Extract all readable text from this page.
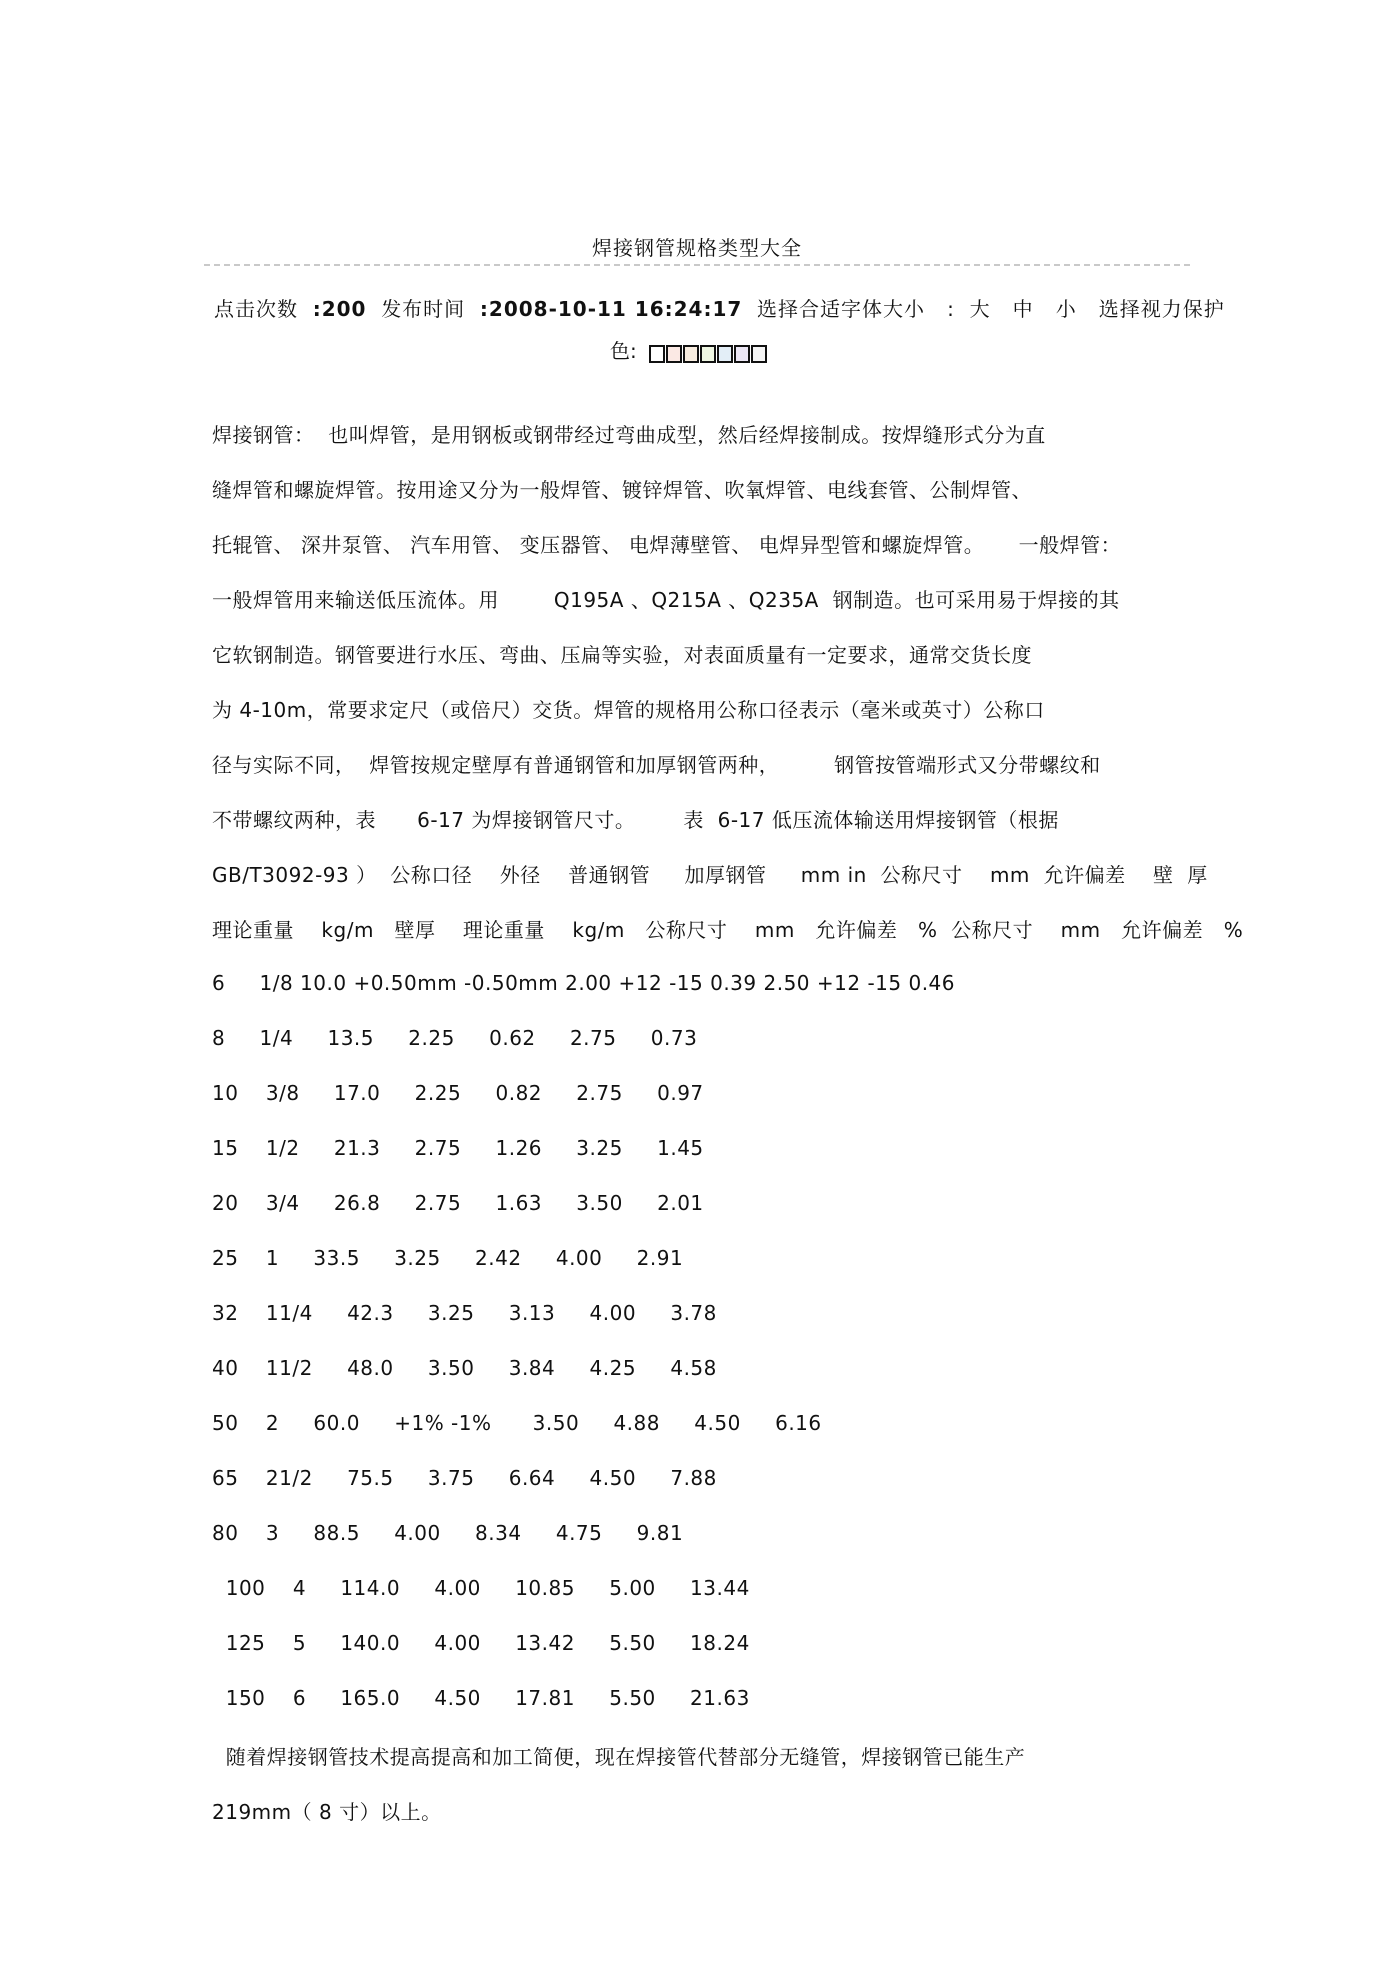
焊接钢管规格类型大全
点击次数 :200 发布时间 :2008-10-11 16:24:17 选择合适字体大小 : 大 中 小 选择视力保护
色:
焊接钢管：  也叫焊管，是用钢板或钢带经过弯曲成型，然后经焊接制成。按焊缝形式分为直
缝焊管和螺旋焊管。按用途又分为一般焊管、镀锌焊管、吹氧焊管、电线套管、公制焊管、
托辊管、 深井泵管、 汽车用管、 变压器管、 电焊薄壁管、 电焊异型管和螺旋焊管。     一般焊管：
一般焊管用来输送低压流体。用        Q195A 、Q215A 、Q235A  钢制造。也可采用易于焊接的其
它软钢制造。钢管要进行水压、弯曲、压扁等实验，对表面质量有一定要求，通常交货长度
为 4-10m，常要求定尺（或倍尺）交货。焊管的规格用公称口径表示（毫米或英寸）公称口
径与实际不同，  焊管按规定壁厚有普通钢管和加厚钢管两种，        钢管按管端形式又分带螺纹和
不带螺纹两种，表      6-17 为焊接钢管尺寸。       表  6-17 低压流体输送用焊接钢管（根据
GB/T3092-93 ）  公称口径    外径    普通钢管     加厚钢管     mm in  公称尺寸    mm  允许偏差    壁  厚
理论重量    kg/m   壁厚    理论重量    kg/m   公称尺寸    mm   允许偏差   %  公称尺寸    mm   允许偏差   %
6     1/8 10.0 +0.50mm -0.50mm 2.00 +12 -15 0.39 2.50 +12 -15 0.46
8     1/4     13.5     2.25     0.62     2.75     0.73
10    3/8     17.0     2.25     0.82     2.75     0.97
15    1/2     21.3     2.75     1.26     3.25     1.45
20    3/4     26.8     2.75     1.63     3.50     2.01
25    1     33.5     3.25     2.42     4.00     2.91
32    11/4     42.3     3.25     3.13     4.00     3.78
40    11/2     48.0     3.50     3.84     4.25     4.58
50    2     60.0     +1% -1%      3.50     4.88     4.50     6.16
65    21/2     75.5     3.75     6.64     4.50     7.88
80    3     88.5     4.00     8.34     4.75     9.81
100    4     114.0     4.00     10.85     5.00     13.44
125    5     140.0     4.00     13.42     5.50     18.24
150    6     165.0     4.50     17.81     5.50     21.63
随着焊接钢管技术提高提高和加工简便，现在焊接管代替部分无缝管，焊接钢管已能生产
219mm（ 8 寸）以上。
